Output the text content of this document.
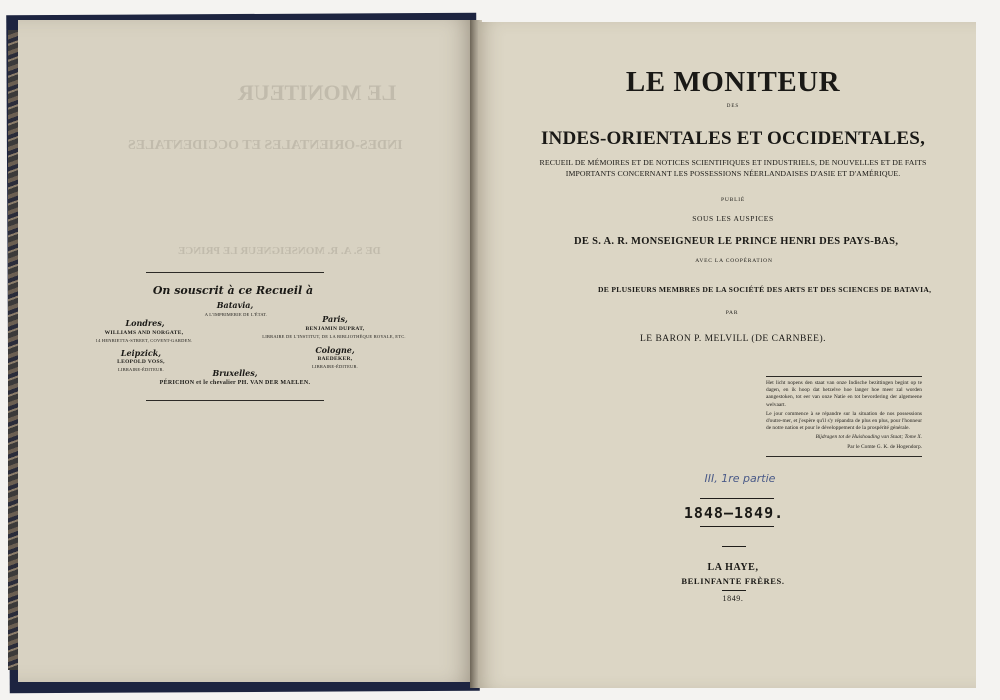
LE MONITEUR
INDES-ORIENTALES ET OCCIDENTALES
DE S. A. R. MONSEIGNEUR LE PRINCE
On souscrit à ce Recueil à
Batavia,
A L'IMPRIMERIE DE L'ÉTAT.
Londres,
WILLIAMS AND NORGATE,
14 HENRIETTA-STREET, COVENT-GARDEN.
Paris,
BENJAMIN DUPRAT,
LIBRAIRE DE L'INSTITUT, DE LA BIBLIOTHÈQUE ROYALE, ETC.
Leipzick,
LEOPOLD VOSS,
LIBRAIRE-ÉDITEUR.
Cologne,
BAEDEKER,
LIBRAIRE-ÉDITEUR.
Bruxelles,
PÉRICHON et le chevalier PH. VAN DER MAELEN.
LE MONITEUR
DES
INDES-ORIENTALES ET OCCIDENTALES,
RECUEIL DE MÉMOIRES ET DE NOTICES SCIENTIFIQUES ET INDUSTRIELS, DE NOUVELLES ET DE FAITS
IMPORTANTS CONCERNANT LES POSSESSIONS NÉERLANDAISES D'ASIE ET D'AMÉRIQUE.
PUBLIÉ
SOUS LES AUSPICES
DE S. A. R. MONSEIGNEUR LE PRINCE HENRI DES PAYS-BAS,
AVEC LA COOPÉRATION
DE PLUSIEURS MEMBRES DE LA SOCIÉTÉ DES ARTS ET DES SCIENCES DE BATAVIA,
PAR
LE BARON P. MELVILL (DE CARNBEE).

Het licht nopens den staat van onze Indische bezittingen begint op te dagen, en ik hoop dat hetzelve hoe langer hoe meer zal worden aangestoken, tot eer van onze Natie en tot bevordering der algemeene welvaart.

Le jour commence à se répandre sur la situation de nos possessions d'outre-mer, et j'espère qu'il s'y répandra de plus en plus, pour l'honneur de notre nation et pour le développement de la prospérité générale.

Bijdragen tot de Huishouding van Staat; Tome X.

Par le Comte G. K. de Hogendorp.

III, 1re partie
1848–1849.
LA HAYE,
BELINFANTE FRÈRES.
1849.
